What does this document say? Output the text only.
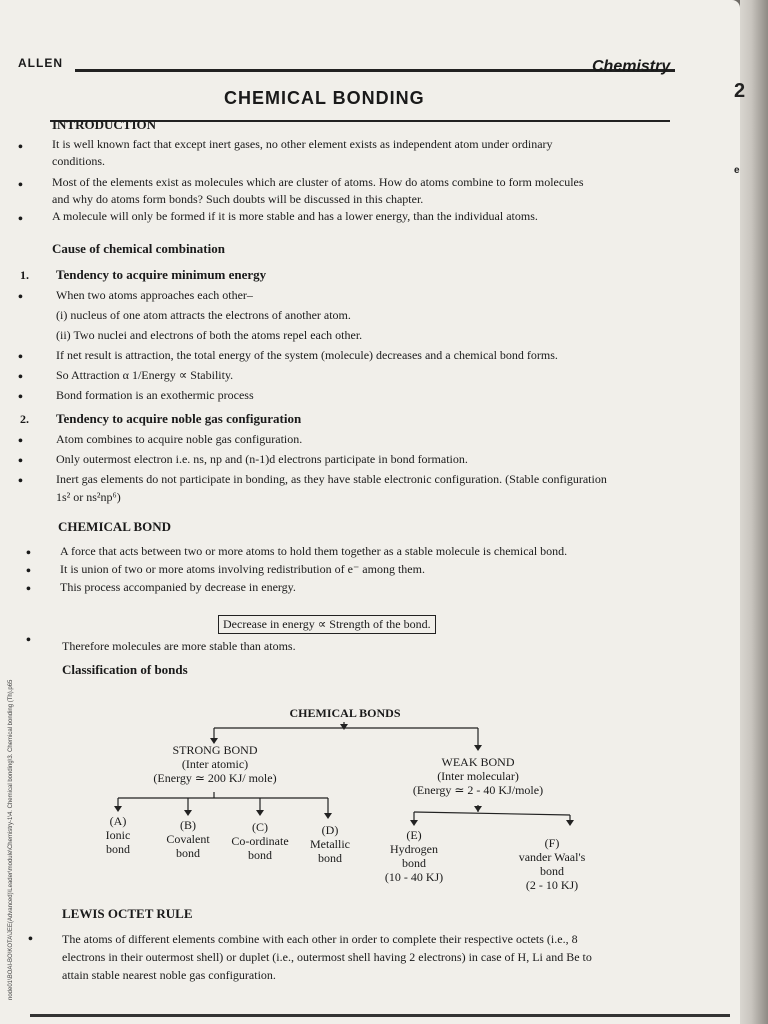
2
e
ALLEN	Chemistry
CHEMICAL BONDING
node01\BOAI-BO\KOTA\JEE(Advanced)\Leader\module\Chemistry-1\4. Chemical bonding\3. Chemical bonding (Th).p65
INTRODUCTION
• It is well known fact that except inert gases, no other element exists as independent atom under ordinary
conditions.
• Most of the elements exist as molecules which are cluster of atoms. How do atoms combine to form molecules
and why do atoms form bonds? Such doubts will be discussed in this chapter.
• A molecule will only be formed if it is more stable and has a lower energy, than the individual atoms.
Cause of chemical combination
1. Tendency to acquire minimum energy
•	When two atoms approaches each other–
(i) nucleus of one atom attracts the electrons of another atom.
(ii) Two nuclei and electrons of both the atoms repel each other.
•	If net result is attraction, the total energy of the system (molecule) decreases and a chemical bond forms.
•	So Attraction α 1/Energy ∝ Stability.
•	Bond formation is an exothermic process
2. Tendency to acquire noble gas configuration
•	Atom combines to acquire noble gas configuration.
•	Only outermost electron i.e. ns, np and (n-1)d electrons participate in bond formation.
•	Inert gas elements do not participate in bonding, as they have stable electronic configuration. (Stable configuration
1s² or ns²np⁶)
CHEMICAL BOND
• A force that acts between two or more atoms to hold them together as a stable molecule is chemical bond.
• It is union of two or more atoms involving redistribution of e⁻ among them.
• This process accompanied by decrease in energy.
Decrease in energy ∝ Strength of the bond.
•	Therefore molecules are more stable than atoms.
Classification of bonds
CHEMICAL BONDS
STRONG BOND
(Inter atomic)
(Energy ≃ 200 KJ/ mole)
WEAK BOND
(Inter molecular)
(Energy ≃ 2 - 40 KJ/mole)
(A)
Ionic
bond
(B)
Covalent
bond
(C)
Co-ordinate
bond
(D)
Metallic
bond
(E)
Hydrogen
bond
(10 - 40 KJ)
(F)
vander Waal's
bond
(2 - 10 KJ)
LEWIS OCTET RULE
• The atoms of different elements combine with each other in order to complete their respective octets (i.e., 8
electrons in their outermost shell) or duplet (i.e., outermost shell having 2 electrons) in case of H, Li and Be to
attain stable nearest noble gas configuration.
